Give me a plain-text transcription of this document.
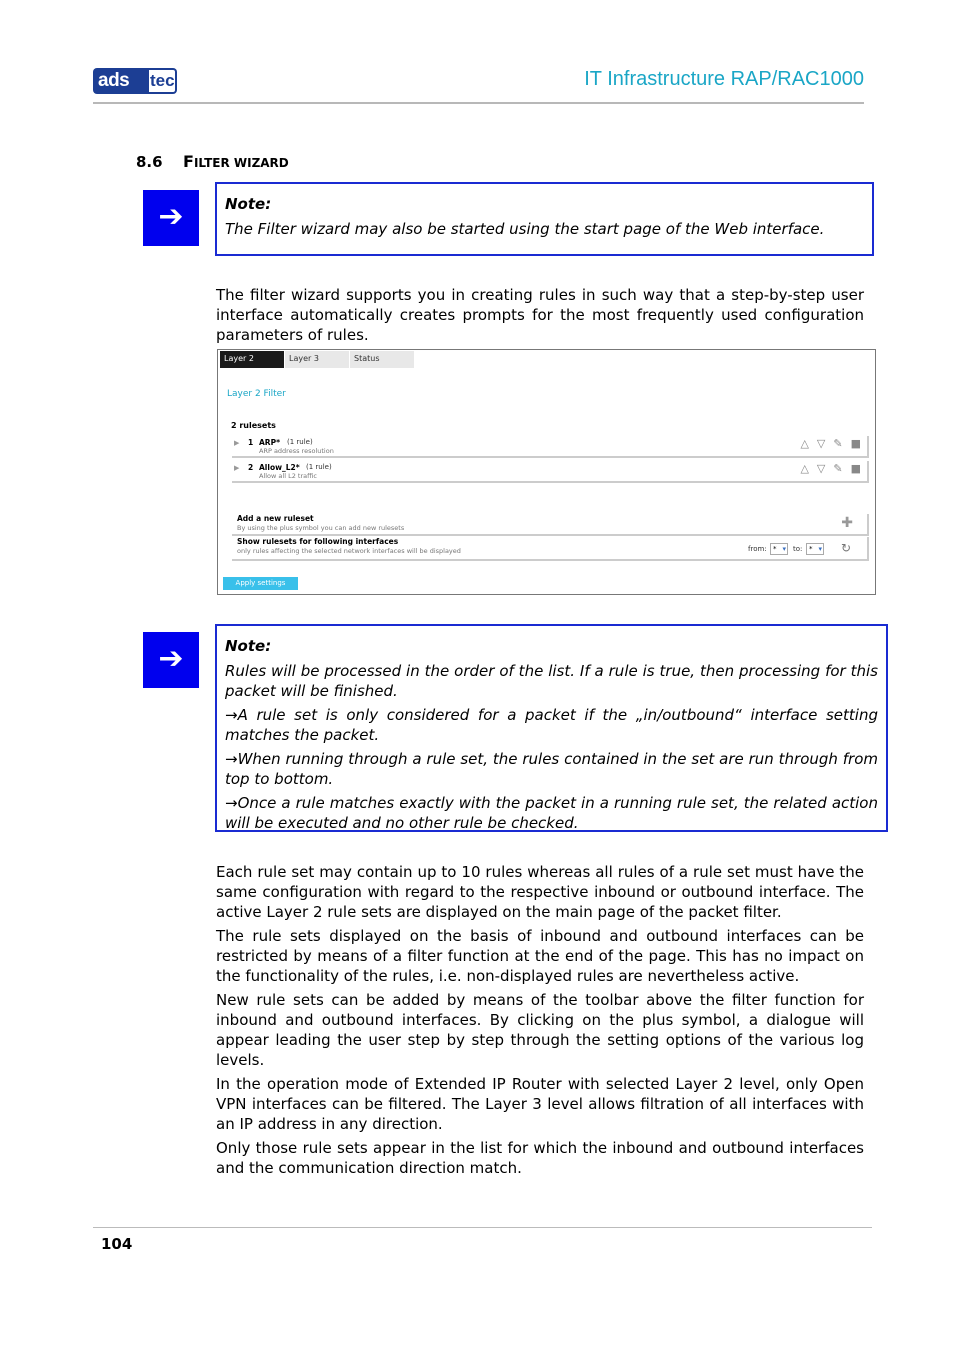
ads	tec	IT Infrastructure RAP/RAC1000
8.6 FILTER WIZARD
➔	Note:

The Filter wizard may also be started using the start page of the Web interface.

The filter wizard supports you in creating rules in such way that a step-by-step user interface automatically creates prompts for the most frequently used configuration parameters of rules.

Layer 2	Layer 3	Status
Layer 2 Filter
2 rulesets
▶ 1 ARP* (1 rule)
ARP address resolution
△ ▽ ✎ ■
▶ 2 Allow_L2* (1 rule)
Allow all L2 traffic
△ ▽ ✎ ■
Add a new ruleset
By using the plus symbol you can add new rulesets	✚
Show rulesets for following interfaces
only rules affecting the selected network interfaces will be displayed	from: * ▾	to: * ▾	↻
Apply settings
➔	Note:

Rules will be processed in the order of the list. If a rule is true, then processing for this packet will be finished.

→A rule set is only considered for a packet if the „in/outbound“ interface setting matches the packet.

→When running through a rule set, the rules contained in the set are run through from top to bottom.

→Once a rule matches exactly with the packet in a running rule set, the related action will be executed and no other rule be checked.

Each rule set may contain up to 10 rules whereas all rules of a rule set must have the same configuration with regard to the respective inbound or outbound interface. The active Layer 2 rule sets are displayed on the main page of the packet filter.

The rule sets displayed on the basis of inbound and outbound interfaces can be restricted by means of a filter function at the end of the page. This has no impact on the functionality of the rules, i.e. non-displayed rules are nevertheless active.

New rule sets can be added by means of the toolbar above the filter function for inbound and outbound interfaces. By clicking on the plus symbol, a dialogue will appear leading the user step by step through the setting options of the various log levels.

In the operation mode of Extended IP Router with selected Layer 2 level, only Open VPN interfaces can be filtered. The Layer 3 level allows filtration of all interfaces with an IP address in any direction.

Only those rule sets appear in the list for which the inbound and outbound interfaces and the communication direction match.

104
